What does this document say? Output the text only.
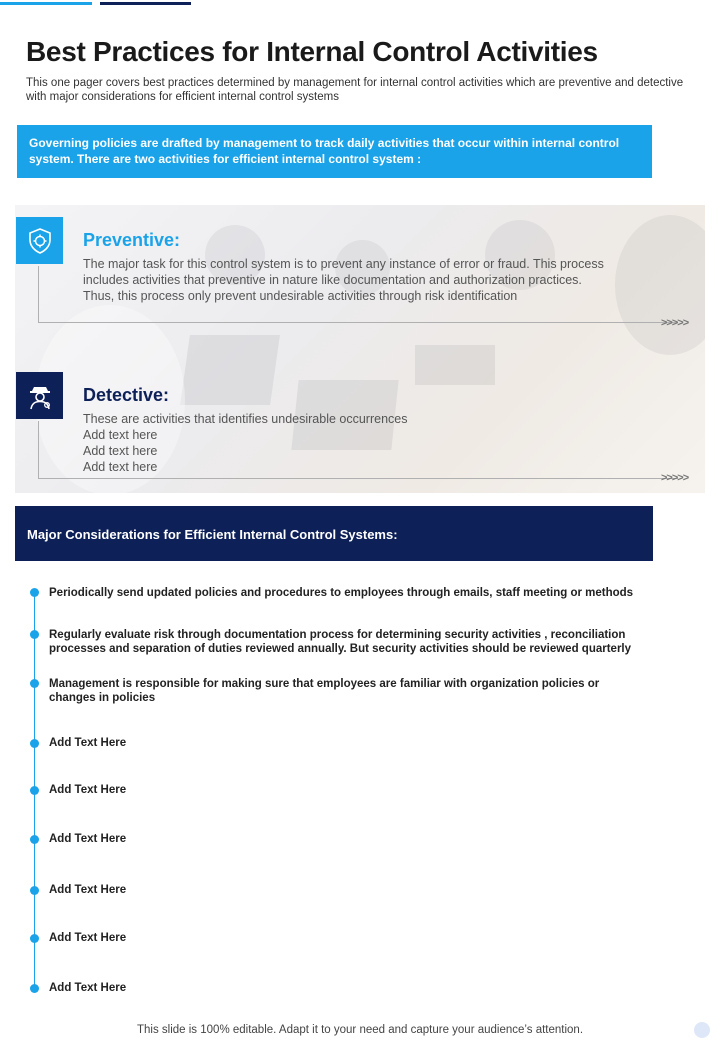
Best Practices for Internal Control Activities

This one pager covers best practices determined by management for internal control activities which are preventive and detective with major considerations for efficient internal control systems

Governing policies are drafted by management to track daily activities that occur within internal control system. There are two activities for efficient internal control system :
Preventive:
The major task for this control system is to prevent any instance of error or fraud. This process
includes activities that preventive in nature like documentation and authorization practices.
Thus, this process only prevent undesirable activities through risk identification
>>>>>
Detective:
These are activities that identifies undesirable occurrences
Add text here
Add text here
Add text here
>>>>>
Major Considerations for Efficient Internal Control Systems:
Periodically send updated policies and procedures to employees through emails, staff meeting or methods
Regularly evaluate risk through documentation process for determining security activities , reconciliation processes and separation of duties reviewed annually. But security activities should be reviewed quarterly
Management is responsible for making sure that employees are familiar with organization policies or changes in policies
Add Text Here
Add Text Here
Add Text Here
Add Text Here
Add Text Here
Add Text Here
This slide is 100% editable. Adapt it to your need and capture your audience’s attention.
